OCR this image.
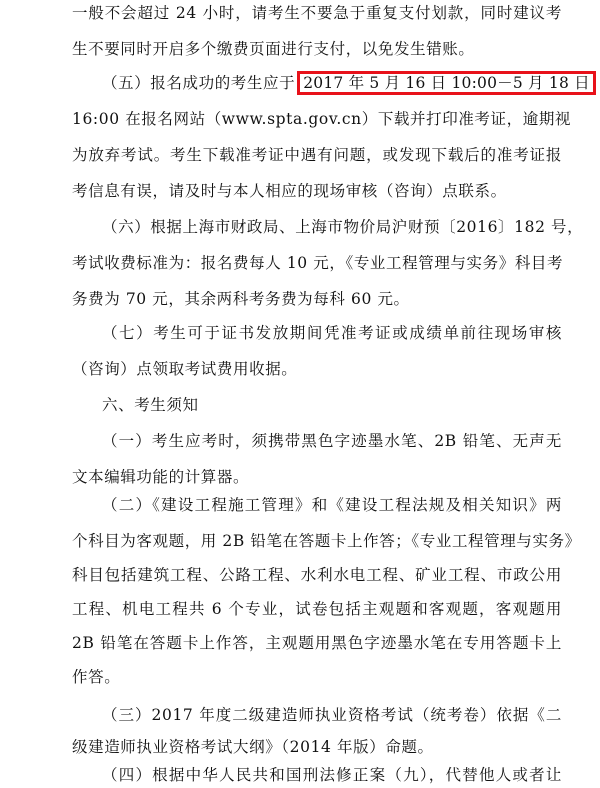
一般不会超过 24 小时，请考生不要急于重复支付划款，同时建议考
生不要同时开启多个缴费页面进行支付，以免发生错账。
（五）报名成功的考生应于 2017 年 5 月 16 日 10:00－5 月 18 日
16:00 在报名网站（www.spta.gov.cn）下载并打印准考证，逾期视
为放弃考试。考生下载准考证中遇有问题，或发现下载后的准考证报
考信息有误，请及时与本人相应的现场审核（咨询）点联系。
（六）根据上海市财政局、上海市物价局沪财预〔2016〕182 号，
考试收费标准为：报名费每人 10 元，《专业工程管理与实务》科目考
务费为 70 元，其余两科考务费为每科 60 元。
（七）考生可于证书发放期间凭准考证或成绩单前往现场审核
（咨询）点领取考试费用收据。
六、考生须知
（一）考生应考时，须携带黑色字迹墨水笔、2B 铅笔、无声无
文本编辑功能的计算器。
（二）《建设工程施工管理》和《建设工程法规及相关知识》两
个科目为客观题，用 2B 铅笔在答题卡上作答；《专业工程管理与实务》
科目包括建筑工程、公路工程、水利水电工程、矿业工程、市政公用
工程、机电工程共 6 个专业，试卷包括主观题和客观题，客观题用
2B 铅笔在答题卡上作答，主观题用黑色字迹墨水笔在专用答题卡上
作答。
（三）2017 年度二级建造师执业资格考试（统考卷）依据《二
级建造师执业资格考试大纲》（2014 年版）命题。
（四）根据中华人民共和国刑法修正案（九），代替他人或者让
